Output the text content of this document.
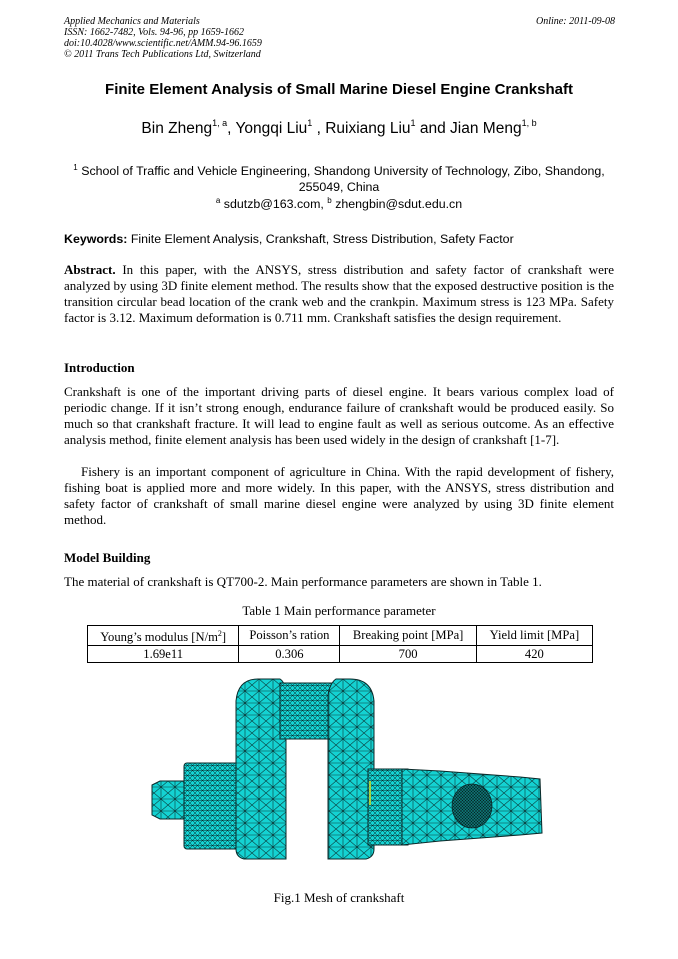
Applied Mechanics and Materials
ISSN: 1662-7482, Vols. 94-96, pp 1659-1662
doi:10.4028/www.scientific.net/AMM.94-96.1659
© 2011 Trans Tech Publications Ltd, Switzerland
Online: 2011-09-08
Finite Element Analysis of Small Marine Diesel Engine Crankshaft
Bin Zheng$^{1, a}$, Yongqi Liu$^1$ , Ruixiang Liu$^1$ and Jian Meng$^{1, b}$
$^1$ School of Traffic and Vehicle Engineering, Shandong University of Technology, Zibo, Shandong, 255049, China
$^a$ sdutzb@163.com, $^b$ zhengbin@sdut.edu.cn
Keywords: Finite Element Analysis, Crankshaft, Stress Distribution, Safety Factor
Abstract. In this paper, with the ANSYS, stress distribution and safety factor of crankshaft were analyzed by using 3D finite element method. The results show that the exposed destructive position is the transition circular bead location of the crank web and the crankpin. Maximum stress is 123 MPa. Safety factor is 3.12. Maximum deformation is 0.711 mm. Crankshaft satisfies the design requirement.
Introduction
Crankshaft is one of the important driving parts of diesel engine. It bears various complex load of periodic change. If it isn’t strong enough, endurance failure of crankshaft would be produced easily. So much so that crankshaft fracture. It will lead to engine fault as well as serious outcome. As an effective analysis method, finite element analysis has been used widely in the design of crankshaft [1-7].
Fishery is an important component of agriculture in China. With the rapid development of fishery, fishing boat is applied more and more widely. In this paper, with the ANSYS, stress distribution and safety factor of crankshaft of small marine diesel engine were analyzed by using 3D finite element method.
Model Building
The material of crankshaft is QT700-2. Main performance parameters are shown in Table 1.
Table 1 Main performance parameter
Young’s modulus $[N/m^2]$	Poisson’s ration	Breaking point [MPa]	Yield limit [MPa]
1.69e11	0.306	700	420
Fig.1 Mesh of crankshaft
